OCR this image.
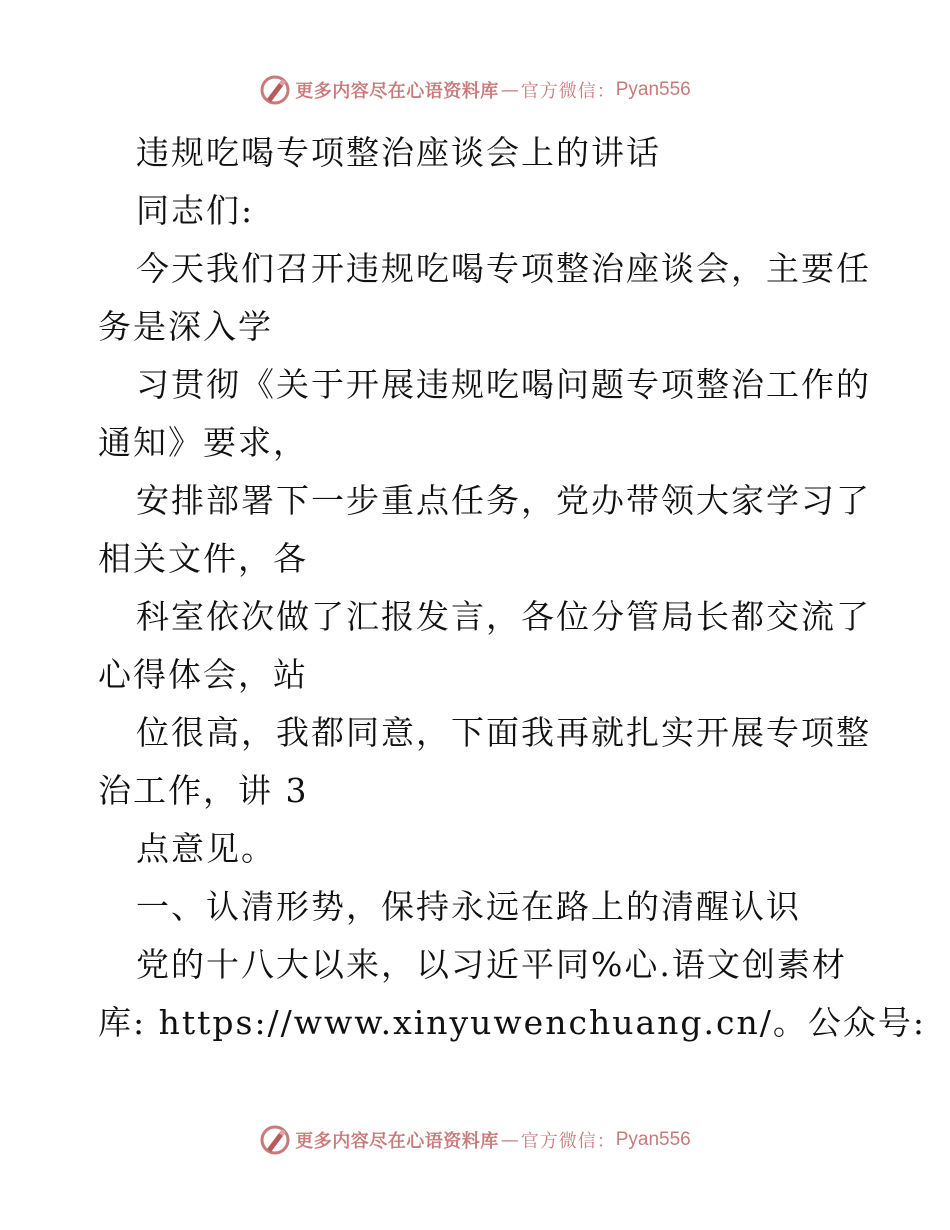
更多内容尽在心语资料库 — 官方微信： Pyan556
违规吃喝专项整治座谈会上的讲话
同志们:
今天我们召开违规吃喝专项整治座谈会，主要任
务是深入学
习贯彻《关于开展违规吃喝问题专项整治工作的
通知》要求，
安排部署下一步重点任务，党办带领大家学习了
相关文件，各
科室依次做了汇报发言，各位分管局长都交流了
心得体会，站
位很高，我都同意，下面我再就扎实开展专项整
治工作，讲 3
点意见。
一、认清形势，保持永远在路上的清醒认识
党的十八大以来，以习近平同%心.语文创素材
库: https://www.xinyuwenchuang.cn/。公众号:
更多内容尽在心语资料库 — 官方微信： Pyan556
